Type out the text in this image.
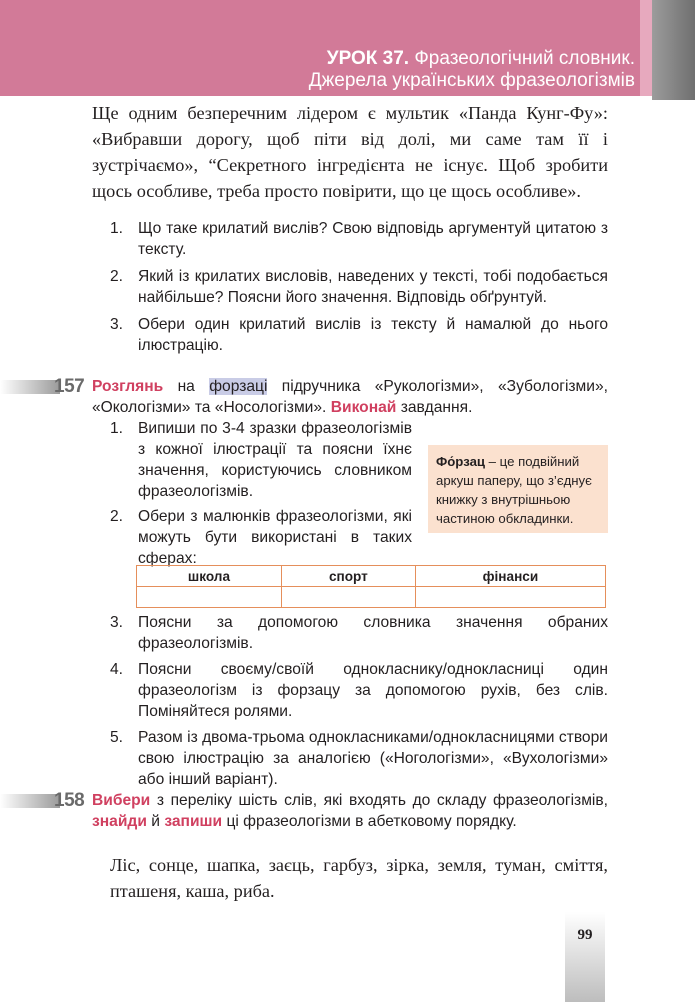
УРОК 37. Фразеологічний словник.
Джерела українських фразеологізмів

Ще одним безперечним лідером є мультик «Панда Кунг-Фу»: «Вибравши дорогу, щоб піти від долі, ми саме там її і зустрічаємо», “Секретного інгредієнта не існує. Щоб зробити щось особливе, треба просто повірити, що це щось особливе».

1. Що таке крилатий вислів? Свою відповідь аргументуй цитатою з тексту.
2. Який із крилатих висловів, наведених у тексті, тобі подобається найбільше? Поясни його значення. Відповідь обґрунтуй.
3. Обери один крилатий вислів із тексту й намалюй до нього ілюстрацію.
157 Розглянь на форзаці підручника «Рукологізми», «Зубологізми», «Окологізми» та «Носологізми». Виконай завдання.

1. Випиши по 3-4 зразки фразеологізмів з кожної ілюстрації та поясни їхнє значення, користуючись словником фразеологізмів.
2. Обери з малюнків фразеологізми, які можуть бути використані в таких сферах:
Фо́рзац – це подвійний аркуш паперу, що з’єднує книжку з внутрішньою частиною обкладинки.
школа	спорт	фінанси

3. Поясни за допомогою словника значення обраних фразеологізмів.
4. Поясни своєму/своїй однокласнику/однокласниці один фразеологізм із форзацу за допомогою рухів, без слів. Поміняйтеся ролями.
5. Разом із двома-трьома однокласниками/однокласницями створи свою ілюстрацію за аналогією («Ногологізми», «Вухологізми» або інший варіант).
158 Вибери з переліку шість слів, які входять до складу фразеологізмів, знайди й запиши ці фразеологізми в абетковому порядку.

Ліс, сонце, шапка, заєць, гарбуз, зірка, земля, туман, сміття, пташеня, каша, риба.

99
